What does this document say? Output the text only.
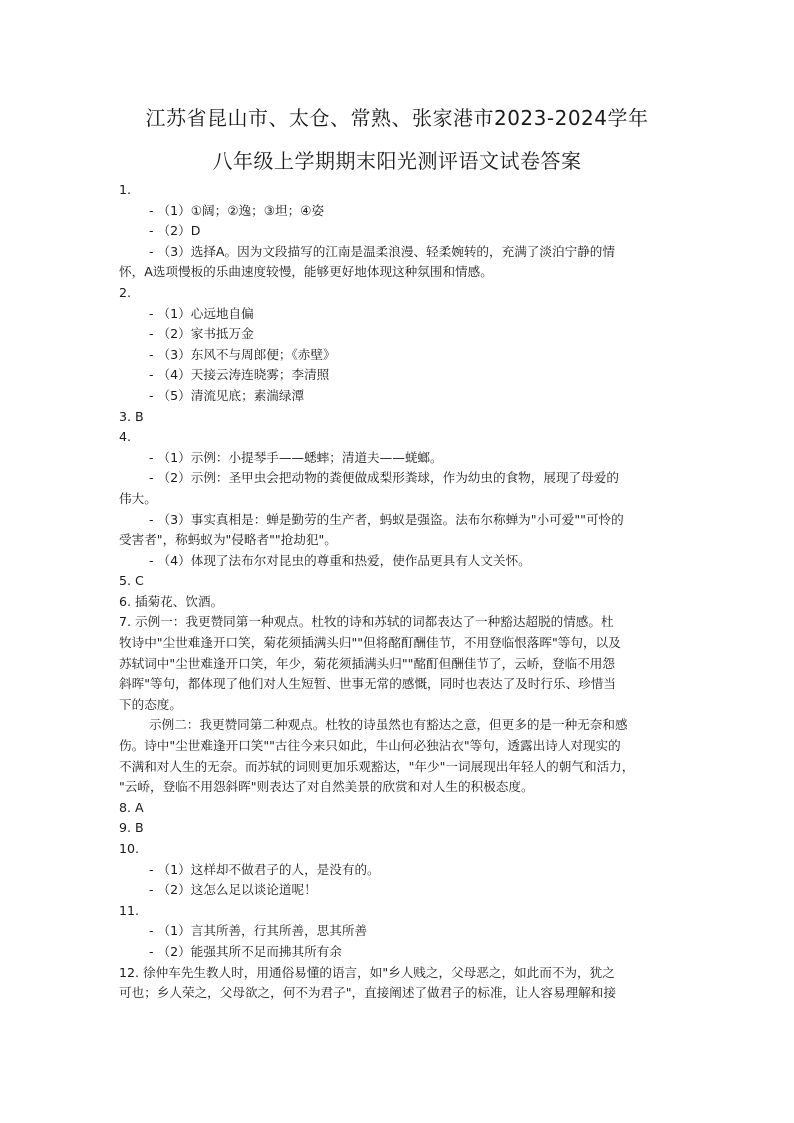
江苏省昆山市、太仓、常熟、张家港市2023-2024学年
八年级上学期期末阳光测评语文试卷答案

1.

- （1）①阔；②逸；③坦；④姿

- （2）D

- （3）选择A。因为文段描写的江南是温柔浪漫、轻柔婉转的，充满了淡泊宁静的情

怀，A选项慢板的乐曲速度较慢，能够更好地体现这种氛围和情感。

2.

- （1）心远地自偏

- （2）家书抵万金

- （3）东风不与周郎便；《赤壁》

- （4）天接云涛连晓雾；李清照

- （5）清流见底；素湍绿潭

3. B

4.

- （1）示例：小提琴手——蟋蟀；清道夫——蜣螂。

- （2）示例：圣甲虫会把动物的粪便做成梨形粪球，作为幼虫的食物，展现了母爱的

伟大。

- （3）事实真相是：蝉是勤劳的生产者，蚂蚁是强盗。法布尔称蝉为"小可爱""可怜的

受害者"，称蚂蚁为"侵略者""抢劫犯"。

- （4）体现了法布尔对昆虫的尊重和热爱，使作品更具有人文关怀。

5. C

6. 插菊花、饮酒。

7. 示例一：我更赞同第一种观点。杜牧的诗和苏轼的词都表达了一种豁达超脱的情感。杜

牧诗中"尘世难逢开口笑，菊花须插满头归""但将酩酊酬佳节，不用登临恨落晖"等句，以及

苏轼词中"尘世难逢开口笑，年少，菊花须插满头归""酩酊但酬佳节了，云峤，登临不用怨

斜晖"等句，都体现了他们对人生短暂、世事无常的感慨，同时也表达了及时行乐、珍惜当

下的态度。

示例二：我更赞同第二种观点。杜牧的诗虽然也有豁达之意，但更多的是一种无奈和感

伤。诗中"尘世难逢开口笑""古往今来只如此，牛山何必独沾衣"等句，透露出诗人对现实的

不满和对人生的无奈。而苏轼的词则更加乐观豁达，"年少"一词展现出年轻人的朝气和活力，

"云峤，登临不用怨斜晖"则表达了对自然美景的欣赏和对人生的积极态度。

8. A

9. B

10.

- （1）这样却不做君子的人，是没有的。

- （2）这怎么足以谈论道呢！

11.

- （1）言其所善，行其所善，思其所善

- （2）能强其所不足而拂其所有余

12. 徐仲车先生教人时，用通俗易懂的语言，如"乡人贱之，父母恶之，如此而不为，犹之

可也；乡人荣之，父母欲之，何不为君子"，直接阐述了做君子的标准，让人容易理解和接
